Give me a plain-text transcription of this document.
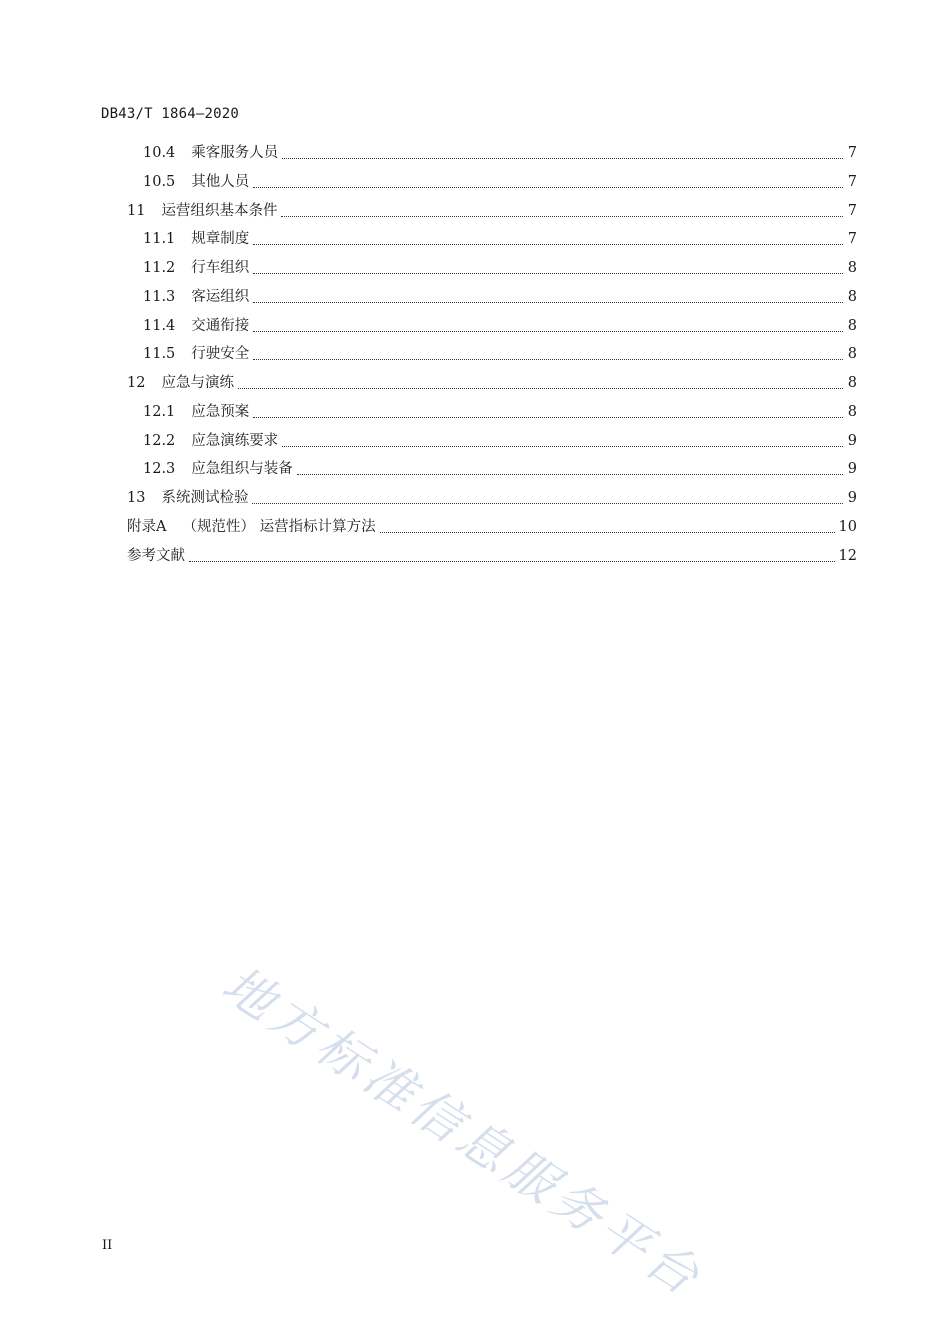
DB43/T 1864—2020
10.4 乘客服务人员	7
10.5 其他人员	7
11 运营组织基本条件	7
11.1 规章制度	7
11.2 行车组织	8
11.3 客运组织	8
11.4 交通衔接	8
11.5 行驶安全	8
12 应急与演练	8
12.1 应急预案	8
12.2 应急演练要求	9
12.3 应急组织与装备	9
13 系统测试检验	9
附录A （规范性） 运营指标计算方法	10
参考文献	12
地方标准信息服务平台
II
